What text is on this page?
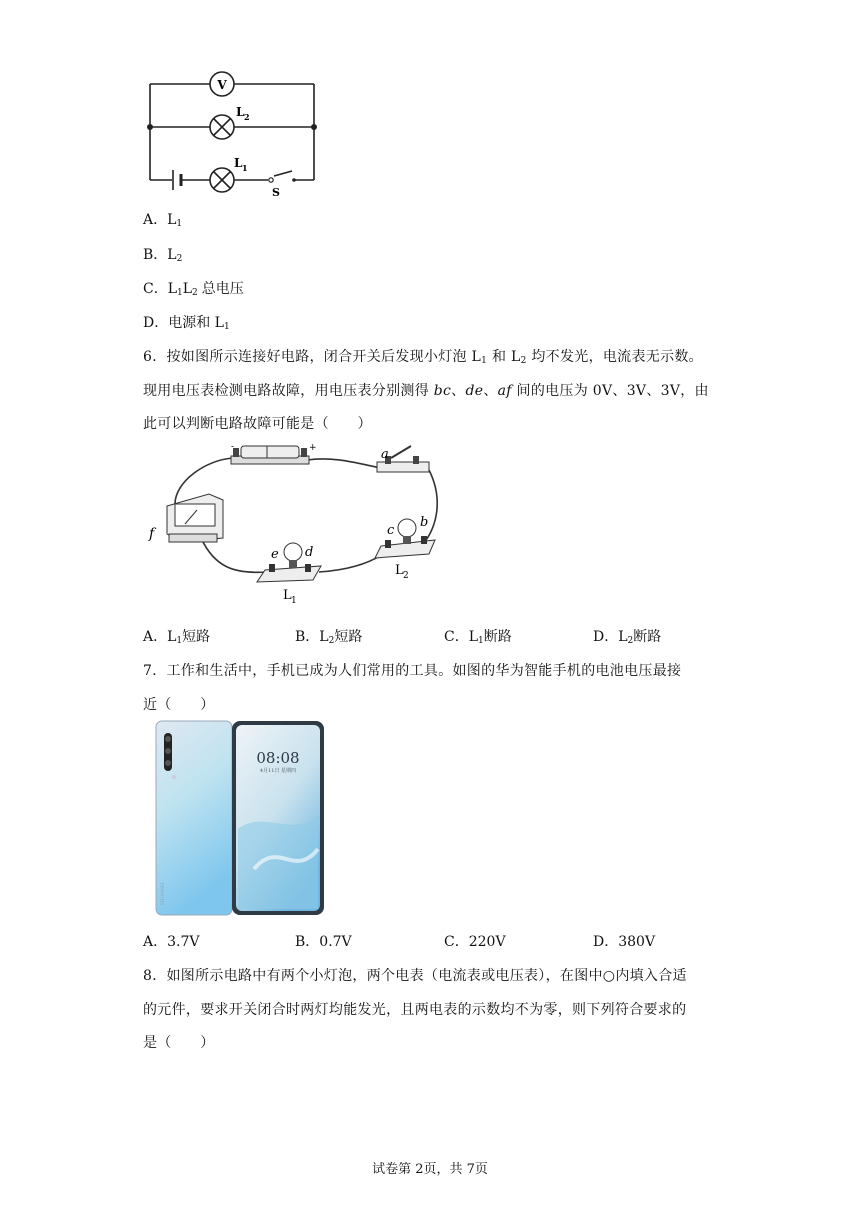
V
L 2
L 1
S
A．$L_1$
B．$L_2$
C．$L_1L_2$ 总电压
D．电源和 $L_1$
6．按如图所示连接好电路，闭合开关后发现小灯泡 $L_1$ 和 $L_2$ 均不发光，电流表无示数。
现用电压表检测电路故障，用电压表分别测得 bc、de、af 间的电压为 0V、3V、3V，由
此可以判断电路故障可能是（　　）
-	+	a
f
e d
L 1
c
b
L 2
A．$L_1$短路	B．$L_2$短路	C．$L_1$断路	D．$L_2$断路
7．工作和生活中，手机已成为人们常用的工具。如图的华为智能手机的电池电压最接
近（　　）
HUAWEI
08:08
4月11日 星期四
A．3.7V	B．0.7V	C．220V	D．380V
8．如图所示电路中有两个小灯泡，两个电表（电流表或电压表），在图中○内填入合适
的元件，要求开关闭合时两灯均能发光，且两电表的示数均不为零，则下列符合要求的
是（　　）
试卷第 2页，共 7页
